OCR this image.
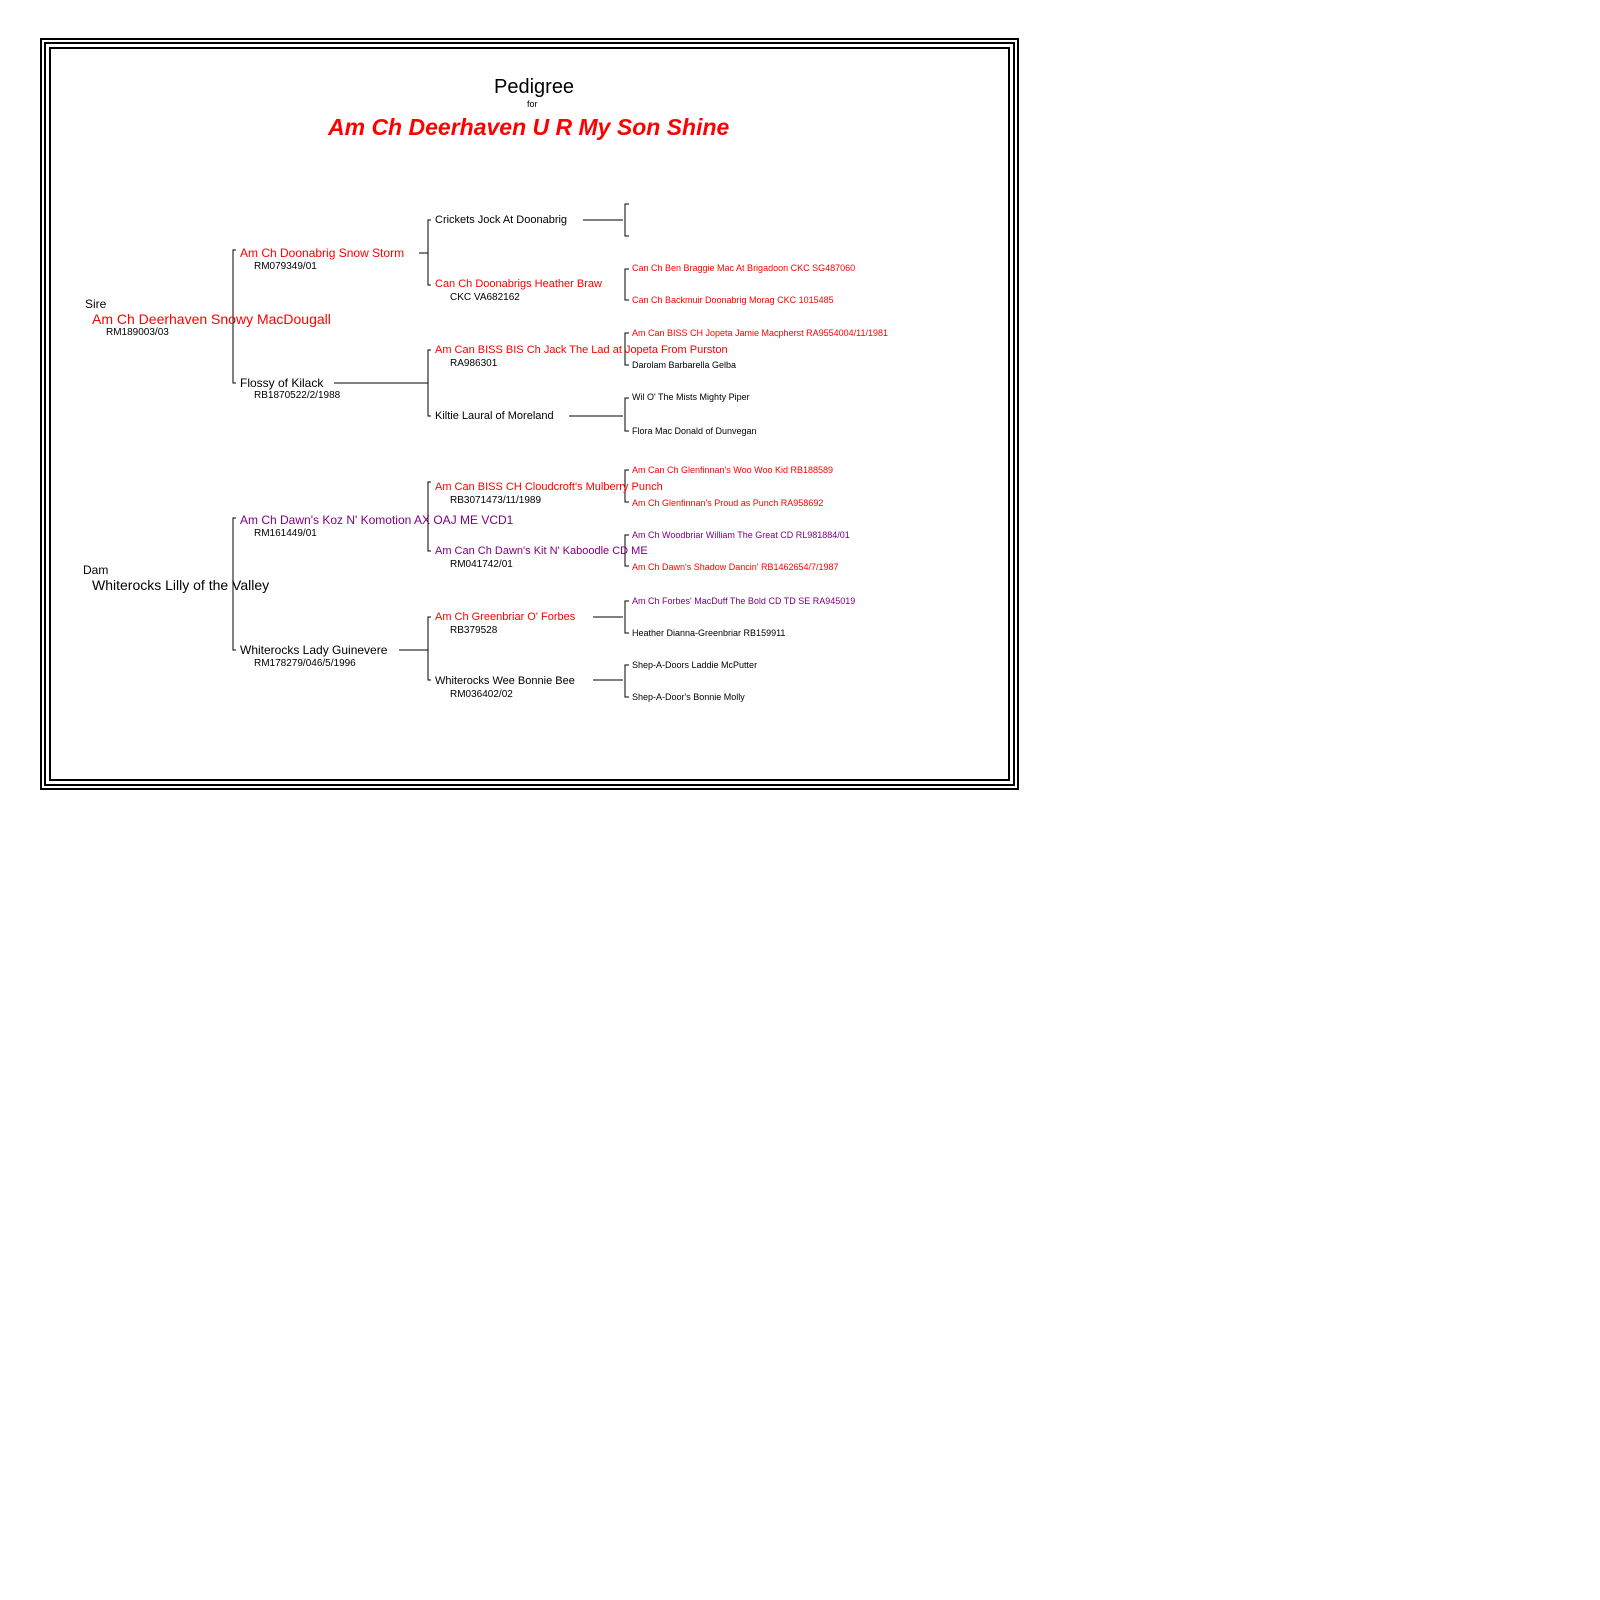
Pedigree
for
Am Ch Deerhaven U R My Son Shine
Sire
Am Ch Deerhaven Snowy MacDougall
RM189003/03
Dam
Whiterocks Lilly of the Valley
Am Ch Doonabrig Snow Storm
RM079349/01
Flossy of Kilack
RB1870522/2/1988
Am Ch Dawn's Koz N' Komotion AX OAJ ME VCD1
RM161449/01
Whiterocks Lady Guinevere
RM178279/046/5/1996
Crickets Jock At Doonabrig
Can Ch Doonabrigs Heather Braw
CKC VA682162
Am Can BISS BIS Ch Jack The Lad at Jopeta From Purston
RA986301
Kiltie Laural of Moreland
Am Can BISS CH Cloudcroft's Mulberry Punch
RB3071473/11/1989
Am Can Ch Dawn's Kit N' Kaboodle CD ME
RM041742/01
Am Ch Greenbriar O' Forbes
RB379528
Whiterocks Wee Bonnie Bee
RM036402/02
Can Ch Ben Braggie Mac At Brigadoon CKC SG487060
Can Ch Backmuir Doonabrig Morag CKC 1015485
Am Can BISS CH Jopeta Jamie Macpherst RA9554004/11/1981
Darolam Barbarella Gelba
Wil O' The Mists Mighty Piper
Flora Mac Donald of Dunvegan
Am Can Ch Glenfinnan's Woo Woo Kid RB188589
Am Ch Glenfinnan's Proud as Punch RA958692
Am Ch Woodbriar William The Great CD RL981884/01
Am Ch Dawn's Shadow Dancin' RB1462654/7/1987
Am Ch Forbes' MacDuff The Bold CD TD SE RA945019
Heather Dianna-Greenbriar RB159911
Shep-A-Doors Laddie McPutter
Shep-A-Door's Bonnie Molly
